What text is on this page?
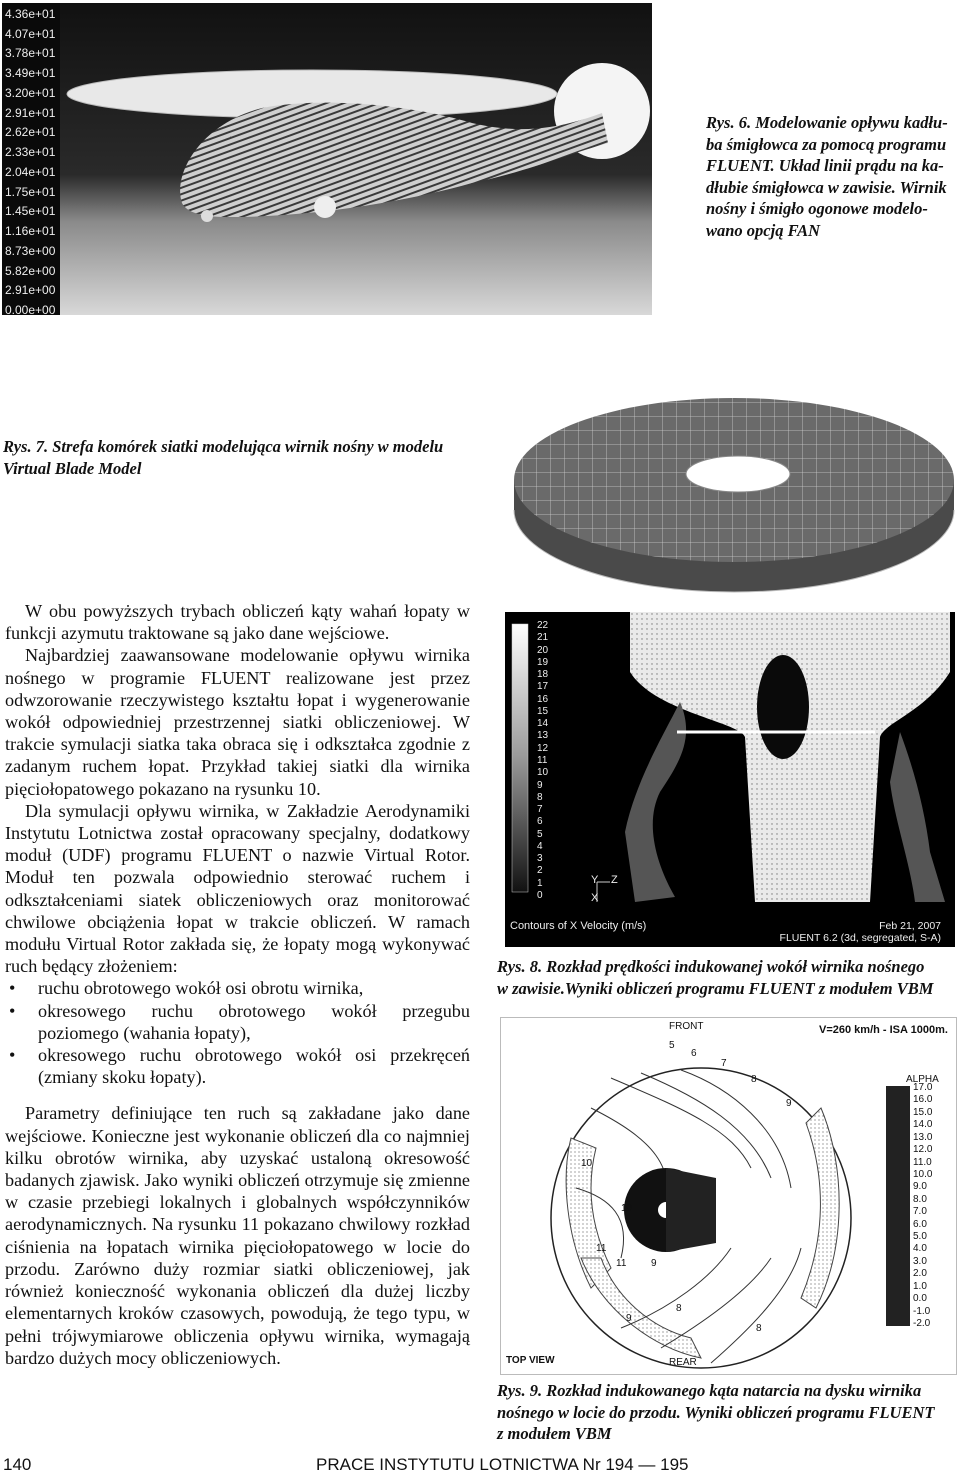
4.36e+01
4.07e+01
3.78e+01
3.49e+01
3.20e+01
2.91e+01
2.62e+01
2.33e+01
2.04e+01
1.75e+01
1.45e+01
1.16e+01
8.73e+00
5.82e+00
2.91e+00
0.00e+00
Rys. 6. Modelowanie opływu kadłu-
ba śmigłowca za pomocą programu
FLUENT. Układ linii prądu na ka-
dłubie śmigłowca w zawisie. Wirnik
nośny i śmigło ogonowe modelo-
wano opcją FAN
Rys. 7. Strefa komórek siatki modelująca wirnik nośny w modelu
Virtual Blade Model

W obu powyższych trybach obliczeń kąty wahań łopaty w funkcji azymutu traktowane są jako dane wejściowe.

Najbardziej zaawansowane modelowanie opływu wirnika nośnego w programie FLUENT realizowane jest przez odwzorowanie rzeczywistego kształtu łopat i wygenerowanie wokół odpowiedniej przestrzennej siatki obliczeniowej. W trakcie symulacji siatka taka obraca się i odkształca zgodnie z zadanym ruchem łopat. Przykład takiej siatki dla wirnika pięciołopatowego pokazano na rysunku 10.

Dla symulacji opływu wirnika, w Zakładzie Aerodynamiki Instytutu Lotnictwa został opracowany specjalny, dodatkowy moduł (UDF) programu FLUENT o nazwie Virtual Rotor. Moduł ten pozwala odpowiednio sterować ruchem i odkształceniami siatek obliczeniowych oraz monitorować chwilowe obciążenia łopat w trakcie obliczeń. W ramach modułu Virtual Rotor zakłada się, że łopaty mogą wykonywać ruch będący złożeniem:

• ruchu obrotowego wokół osi obrotu wirnika,
• okresowego ruchu obrotowego wokół przegubu poziomego (wahania łopaty),
• okresowego ruchu obrotowego wokół osi przekręceń (zmiany skoku łopaty).

Parametry definiujące ten ruch są zakładane jako dane wejściowe. Konieczne jest wykonanie obliczeń dla co najmniej kilku obrotów wirnika, aby uzyskać ustaloną okresowość badanych zjawisk. Jako wyniki obliczeń otrzymuje się zmienne w czasie przebiegi lokalnych i globalnych współczynników aerodynamicznych. Na rysunku 11 pokazano chwilowy rozkład ciśnienia na łopatach wirnika pięciołopatowego w locie do przodu. Zarówno duży rozmiar siatki obliczeniowej, jak również konieczność wykonania obliczeń dla dużej liczby elementarnych kroków czasowych, powodują, że tego typu, w pełni trójwymiarowe obliczenia opływu wirnika, wymagają bardzo dużych mocy obliczeniowych.

22
21
20
19
18
17
16
15
14
13
12
11
10
9
8
7
6
5
4
3
2
1
0
Y Z
X
Contours of X Velocity (m/s)	Feb 21, 2007
FLUENT 6.2 (3d, segregated, S-A)
Rys. 8. Rozkład prędkości indukowanej wokół wirnika nośnego
w zawisie.Wyniki obliczeń programu FLUENT z modułem VBM
FRONT	V=260 km/h - ISA 1000m.
ALPHA
17.0
16.0
15.0
14.0
13.0
12.0
11.0
10.0
9.0
8.0
7.0
6.0
5.0
4.0
3.0
2.0
1.0
0.0
-1.0
-2.0
TOP VIEW	REAR
5
6
7
8
9
10
10
9
8
11
11
9
8
Rys. 9. Rozkład indukowanego kąta natarcia na dysku wirnika
nośnego w locie do przodu. Wyniki obliczeń programu FLUENT
z modułem VBM
140	PRACE INSTYTUTU LOTNICTWA Nr 194 — 195
